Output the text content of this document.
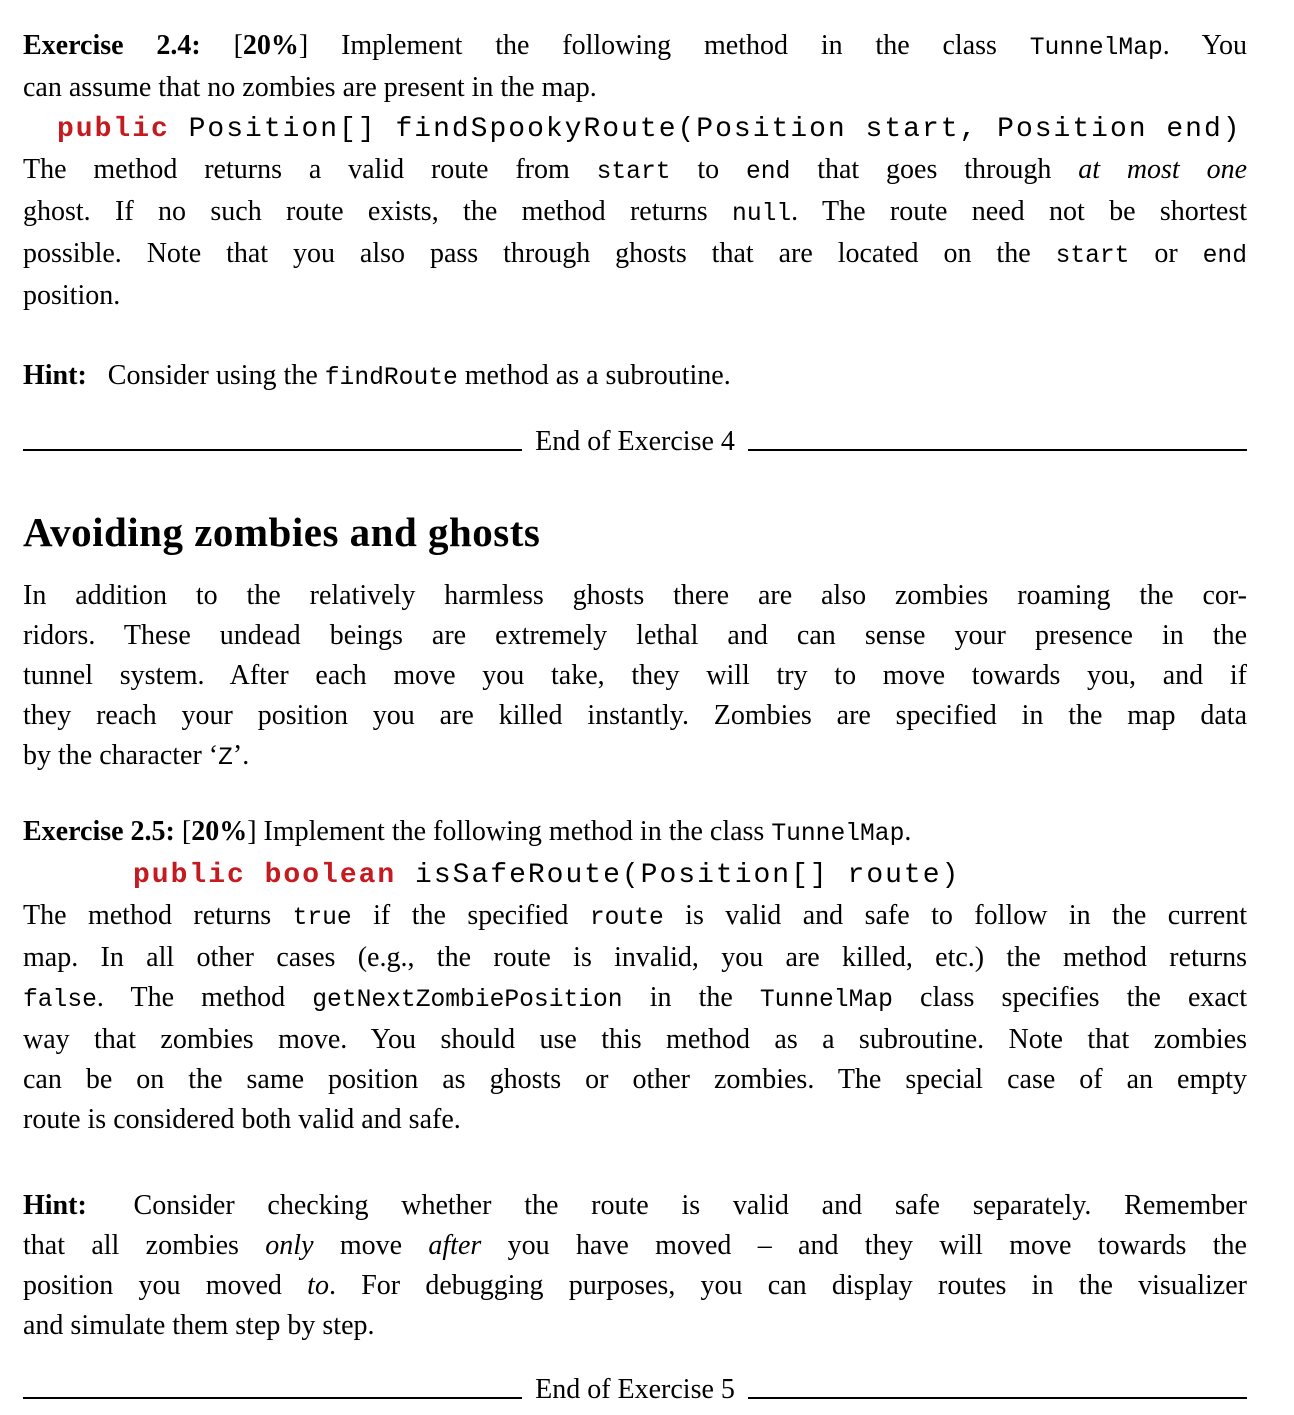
Exercise 2.4: [20%] Implement the following method in the class TunnelMap. You
can assume that no zombies are present in the map.
public Position[] findSpookyRoute(Position start, Position end)
The method returns a valid route from start to end that goes through at most one
ghost. If no such route exists, the method returns null. The route need not be shortest
possible. Note that you also pass through ghosts that are located on the start or end
position.
Hint:  Consider using the findRoute method as a subroutine.
End of Exercise 4
Avoiding zombies and ghosts
In addition to the relatively harmless ghosts there are also zombies roaming the cor-
ridors. These undead beings are extremely lethal and can sense your presence in the
tunnel system. After each move you take, they will try to move towards you, and if
they reach your position you are killed instantly. Zombies are specified in the map data
by the character ‘Z’.
Exercise 2.5: [20%] Implement the following method in the class TunnelMap.
public boolean isSafeRoute(Position[] route)
The method returns true if the specified route is valid and safe to follow in the current
map. In all other cases (e.g., the route is invalid, you are killed, etc.) the method returns
false. The method getNextZombiePosition in the TunnelMap class specifies the exact
way that zombies move. You should use this method as a subroutine. Note that zombies
can be on the same position as ghosts or other zombies. The special case of an empty
route is considered both valid and safe.
Hint:  Consider checking whether the route is valid and safe separately. Remember
that all zombies only move after you have moved – and they will move towards the
position you moved to. For debugging purposes, you can display routes in the visualizer
and simulate them step by step.
End of Exercise 5
